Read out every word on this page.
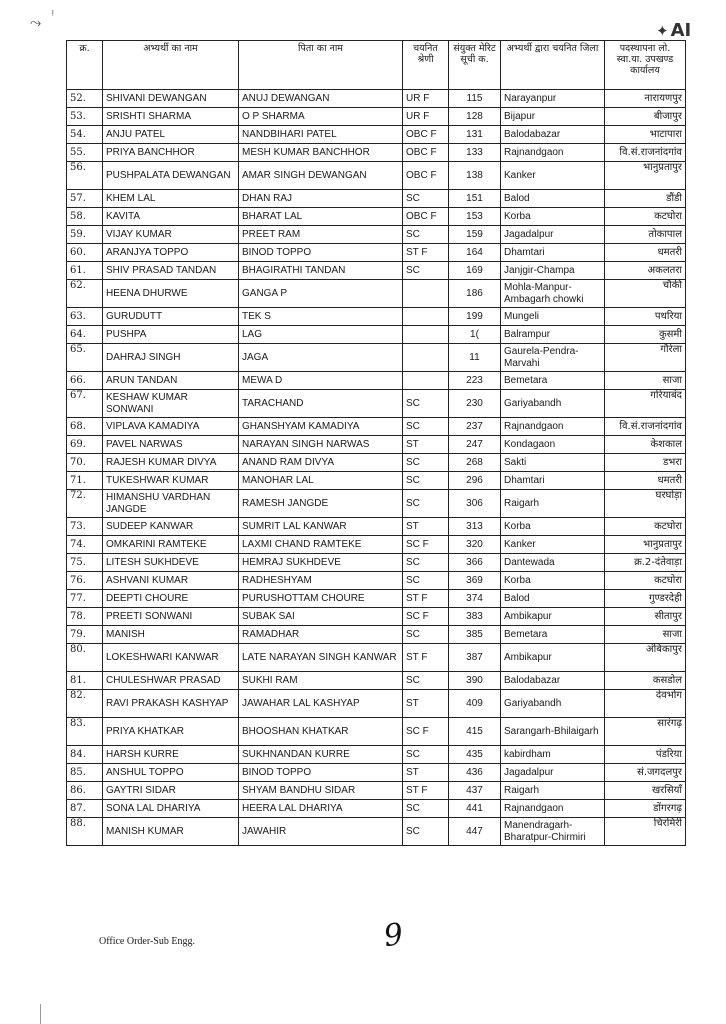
⤳ ᵎ
✦ AI
क्र.	अभ्यर्थी का नाम	पिता का नाम	चयनित श्रेणी	संयुक्त मेरिट सूची क.	अभ्यर्थी द्वारा चयनित जिला	पदस्थापना लो. स्वा.या. उपखण्ड कार्यालय
52.	SHIVANI DEWANGAN	ANUJ DEWANGAN	UR F	115	Narayanpur	नारायणपुर
53.	SRISHTI SHARMA	O P SHARMA	UR F	128	Bijapur	बीजापुर
54.	ANJU PATEL	NANDBIHARI PATEL	OBC F	131	Balodabazar	भाटापारा
55.	PRIYA BANCHHOR	MESH KUMAR BANCHHOR	OBC F	133	Rajnandgaon	वि.सं.राजनांदगांव
56.	PUSHPALATA DEWANGAN	AMAR SINGH DEWANGAN	OBC F	138	Kanker	भानुप्रतापुर
57.	KHEM LAL	DHAN RAJ	SC	151	Balod	डौंडी
58.	KAVITA	BHARAT LAL	OBC F	153	Korba	कटघोरा
59.	VIJAY KUMAR	PREET RAM	SC	159	Jagadalpur	तोकापाल
60.	ARANJYA TOPPO	BINOD TOPPO	ST F	164	Dhamtari	धमतरी
61.	SHIV PRASAD TANDAN	BHAGIRATHI TANDAN	SC	169	Janjgir-Champa	अकलतरा
62.	HEENA DHURWE	GANGA P		186	Mohla-Manpur-Ambagarh chowki	चौकी
63.	GURUDUTT	TEK S		199	Mungeli	पथरिया
64.	PUSHPA	LAG		1(	Balrampur	कुसमी
65.	DAHRAJ SINGH	JAGA		11	Gaurela-Pendra-Marvahi	गौरेला
66.	ARUN TANDAN	MEWA D		223	Bemetara	साजा
67.	KESHAW KUMAR SONWANI	TARACHAND	SC	230	Gariyabandh	गरियाबंद
68.	VIPLAVA KAMADIYA	GHANSHYAM KAMADIYA	SC	237	Rajnandgaon	वि.सं.राजनांदगांव
69.	PAVEL NARWAS	NARAYAN SINGH NARWAS	ST	247	Kondagaon	केशकाल
70.	RAJESH KUMAR DIVYA	ANAND RAM DIVYA	SC	268	Sakti	डभरा
71.	TUKESHWAR KUMAR	MANOHAR LAL	SC	296	Dhamtari	धमतरी
72.	HIMANSHU VARDHAN JANGDE	RAMESH JANGDE	SC	306	Raigarh	घरघोड़ा
73.	SUDEEP KANWAR	SUMRIT LAL KANWAR	ST	313	Korba	कटघोरा
74.	OMKARINI RAMTEKE	LAXMI CHAND RAMTEKE	SC F	320	Kanker	भानुप्रतापुर
75.	LITESH SUKHDEVE	HEMRAJ SUKHDEVE	SC	366	Dantewada	क्र.2-दंतेवाड़ा
76.	ASHVANI KUMAR	RADHESHYAM	SC	369	Korba	कटघोरा
77.	DEEPTI CHOURE	PURUSHOTTAM CHOURE	ST F	374	Balod	गुण्डरदेही
78.	PREETI SONWANI	SUBAK SAI	SC F	383	Ambikapur	सीतापुर
79.	MANISH	RAMADHAR	SC	385	Bemetara	साजा
80.	LOKESHWARI KANWAR	LATE NARAYAN SINGH KANWAR	ST F	387	Ambikapur	अंबिकापुर
81.	CHULESHWAR PRASAD	SUKHI RAM	SC	390	Balodabazar	कसडोल
82.	RAVI PRAKASH KASHYAP	JAWAHAR LAL KASHYAP	ST	409	Gariyabandh	देवभोग
83.	PRIYA KHATKAR	BHOOSHAN KHATKAR	SC F	415	Sarangarh-Bhilaigarh	सारंगढ़
84.	HARSH KURRE	SUKHNANDAN KURRE	SC	435	kabirdham	पंडरिया
85.	ANSHUL TOPPO	BINOD TOPPO	ST	436	Jagadalpur	सं.जगदलपुर
86.	GAYTRI SIDAR	SHYAM BANDHU SIDAR	ST F	437	Raigarh	खरसियाँ
87.	SONA LAL DHARIYA	HEERA LAL DHARIYA	SC	441	Rajnandgaon	डोंगरगढ़
88.	MANISH KUMAR	JAWAHIR	SC	447	Manendragarh-Bharatpur-Chirmiri	चिरमिरी
9
Office Order-Sub Engg.
